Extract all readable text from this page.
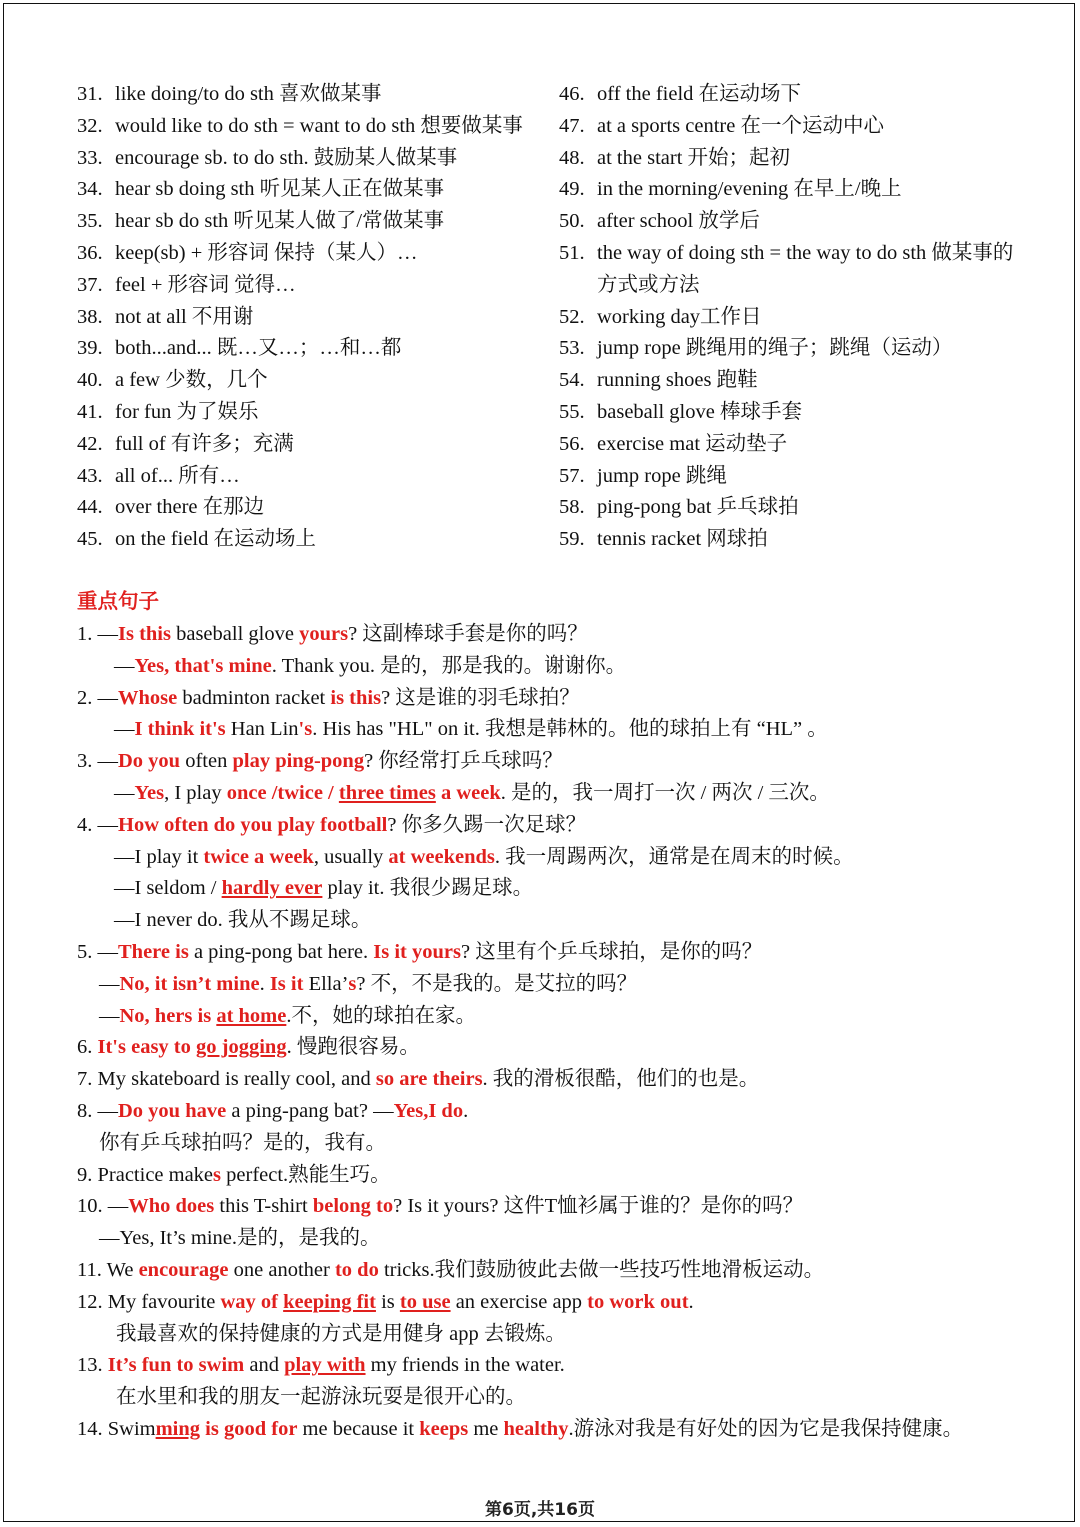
31. like doing/to do sth 喜欢做某事
32. would like to do sth = want to do sth 想要做某事
33. encourage sb. to do sth. 鼓励某人做某事
34. hear sb doing sth 听见某人正在做某事
35. hear sb do sth 听见某人做了/常做某事
36. keep(sb) + 形容词 保持（某人）…
37. feel + 形容词 觉得…
38. not at all 不用谢
39. both...and... 既…又…；…和…都
40. a few 少数，几个
41. for fun 为了娱乐
42. full of 有许多；充满
43. all of... 所有…
44. over there 在那边
45. on the field 在运动场上
46. off the field 在运动场下
47. at a sports centre 在一个运动中心
48. at the start 开始；起初
49. in the morning/evening 在早上/晚上
50. after school 放学后
51. the way of doing sth = the way to do sth 做某事的方式或方法
52. working day工作日
53. jump rope 跳绳用的绳子；跳绳（运动）
54. running shoes 跑鞋
55. baseball glove 棒球手套
56. exercise mat 运动垫子
57. jump rope 跳绳
58. ping-pong bat 乒乓球拍
59. tennis racket 网球拍
重点句子
1. —Is this baseball glove yours? 这副棒球手套是你的吗？
—Yes, that's mine. Thank you. 是的，那是我的。谢谢你。
2. —Whose badminton racket is this? 这是谁的羽毛球拍？
—I think it's Han Lin's. His has "HL" on it. 我想是韩林的。他的球拍上有 “HL” 。
3. —Do you often play ping-pong? 你经常打乒乓球吗？
—Yes, I play once /twice / three times a week. 是的，我一周打一次 / 两次 / 三次。
4. —How often do you play football? 你多久踢一次足球？
—I play it twice a week, usually at weekends. 我一周踢两次，通常是在周末的时候。
—I seldom / hardly ever play it. 我很少踢足球。
—I never do. 我从不踢足球。
5. —There is a ping-pong bat here. Is it yours? 这里有个乒乓球拍，是你的吗？
—No, it isn’t mine. Is it Ella’s? 不，不是我的。是艾拉的吗？
—No, hers is at home.不，她的球拍在家。
6. It's easy to go jogging. 慢跑很容易。
7. My skateboard is really cool, and so are theirs. 我的滑板很酷，他们的也是。
8. —Do you have a ping-pang bat? —Yes,I do.
你有乒乓球拍吗？是的，我有。
9. Practice makes perfect.熟能生巧。
10. —Who does this T-shirt belong to? Is it yours? 这件T恤衫属于谁的？是你的吗？
—Yes, It’s mine.是的，是我的。
11. We encourage one another to do tricks.我们鼓励彼此去做一些技巧性地滑板运动。
12. My favourite way of keeping fit is to use an exercise app to work out.
我最喜欢的保持健康的方式是用健身 app 去锻炼。
13. It’s fun to swim and play with my friends in the water.
在水里和我的朋友一起游泳玩耍是很开心的。
14. Swimming is good for me because it keeps me healthy.游泳对我是有好处的因为它是我保持健康。
第6页,共16页
